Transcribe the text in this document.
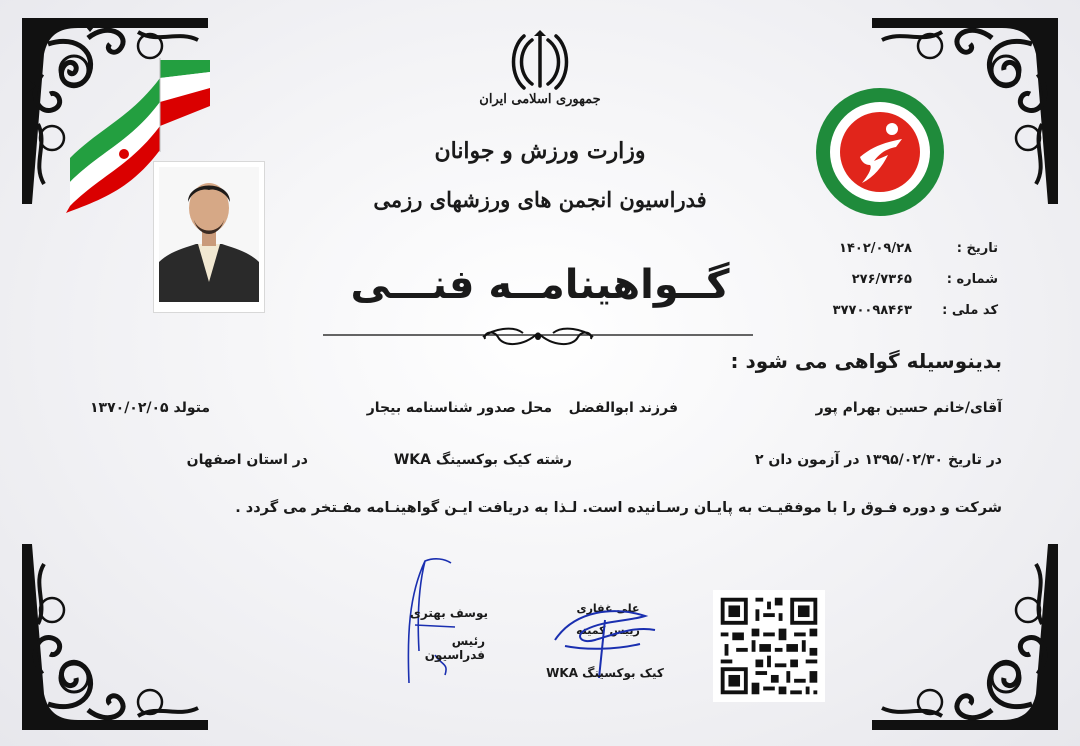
جمهوری اسلامی ایران
وزارت ورزش و جوانان
فدراسیون انجمن های ورزشهای رزمی
گــواهینامــه فنـــی
تاریخ :
۱۴۰۲/۰۹/۲۸
شماره :
۲۷۶/۷۳۶۵
کد ملی :
۳۷۷۰۰۹۸۴۶۳
بدینوسیله گواهی می شود :
آقای/خانم حسین بهرام پور
فرزند ابوالفضل
محل صدور شناسنامه بیجار
متولد ۱۳۷۰/۰۲/۰۵
در تاریخ ۱۳۹۵/۰۲/۳۰ در آزمون دان ۲
رشته کیک بوکسینگ WKA
در استان اصفهان
شرکت و دوره فـوق را با موفقیـت به پایـان رسـانیده است. لـذا به دریافت ایـن گواهینـامه مفـتخر می گردد .
یوسف بهتری
رئیس فدراسیون
علی غفاری
رییس کمیته
کیک بوکسینگ WKA
